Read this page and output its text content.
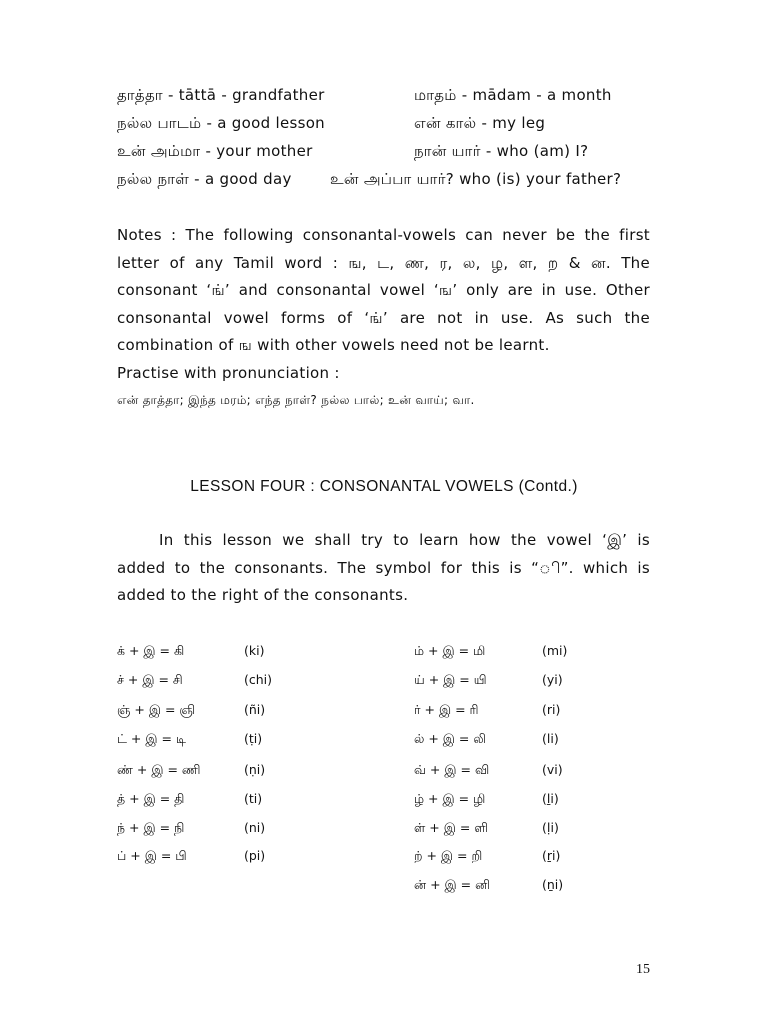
தாத்தா - tāttā - grandfather	மாதம் - mādam - a month
நல்ல பாடம் - a good lesson	என் கால் - my leg
உன் அம்மா - your mother	நான் யார் - who (am) I?
நல்ல நாள் - a good day	உன் அப்பா யார்? who (is) your father?
Notes : The following consonantal-vowels can never be the first
letter of any Tamil word : ங, ட, ண, ர, ல, ழ, ள, ற & ன. The
consonant ‘ங்’ and consonantal vowel ‘ங’ only are in use. Other
consonantal vowel forms of ‘ங்’ are not in use. As such the
combination of ங with other vowels need not be learnt.
Practise with pronunciation :
என் தாத்தா; இந்த மரம்; எந்த நாள்? நல்ல பால்; உன் வாய்; வா.
LESSON FOUR : CONSONANTAL VOWELS (Contd.)
In this lesson we shall try to learn how the vowel ‘இ’ is
added to the consonants. The symbol for this is “ி”. which is
added to the right of the consonants.
க் + இ = கி	(ki)
ச் + இ = சி	(chi)
ஞ் + இ = ஞி	(ñi)
ட் + இ = டி	(ṭi)
ண் + இ = ணி	(ṇi)
த் + இ = தி	(ti)
ந் + இ = நி	(ni)
ப் + இ = பி	(pi)
ம் + இ = மி	(mi)
ய் + இ = யி	(yi)
ர் + இ = ரி	(ri)
ல் + இ = லி	(li)
வ் + இ = வி	(vi)
ழ் + இ = ழி	(ḻi)
ள் + இ = ளி	(ḷi)
ற் + இ = றி	(ṟi)
ன் + இ = னி	(ṉi)
15
